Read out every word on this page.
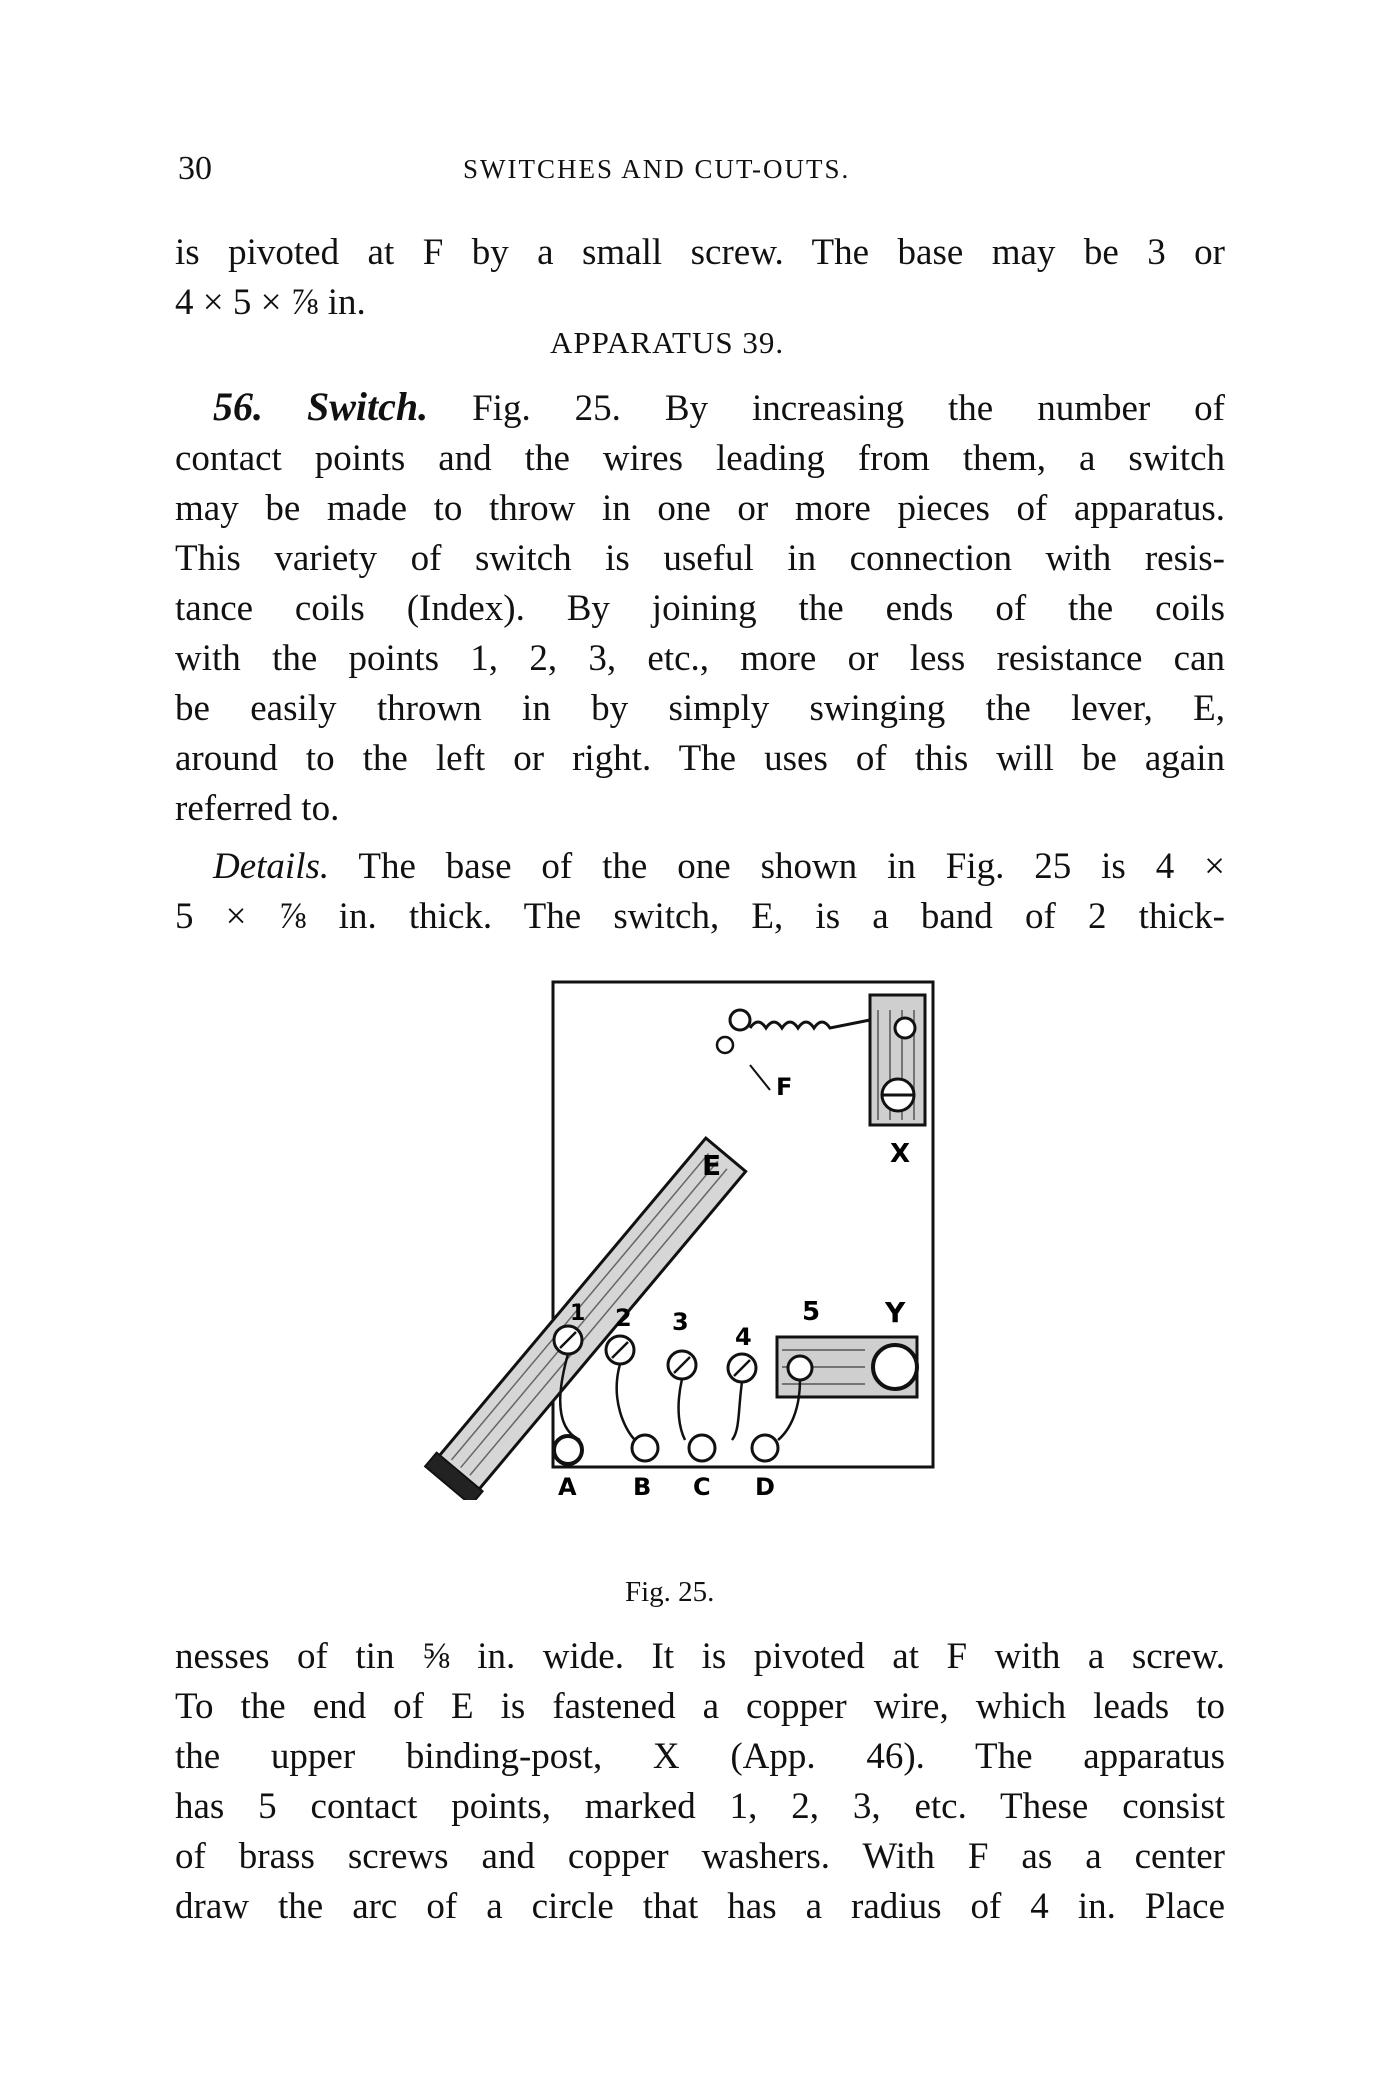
30	SWITCHES AND CUT-OUTS.
is pivoted at F by a small screw. The base may be 3 or
4 × 5 × ⅞ in.
APPARATUS 39.
56. Switch. Fig. 25. By increasing the number of
contact points and the wires leading from them, a switch
may be made to throw in one or more pieces of apparatus.
This variety of switch is useful in connection with resis-
tance coils (Index). By joining the ends of the coils
with the points 1, 2, 3, etc., more or less resistance can
be easily thrown in by simply swinging the lever, E,
around to the left or right. The uses of this will be again
referred to.
Details. The base of the one shown in Fig. 25 is 4 ×
5 × ⅞ in. thick. The switch, E, is a band of 2 thick-
F
E	X
1 2 3
4
5 Y
A B C D
Fig. 25.
nesses of tin ⅝ in. wide. It is pivoted at F with a screw.
To the end of E is fastened a copper wire, which leads to
the upper binding-post, X (App. 46). The apparatus
has 5 contact points, marked 1, 2, 3, etc. These consist
of brass screws and copper washers. With F as a center
draw the arc of a circle that has a radius of 4 in. Place
